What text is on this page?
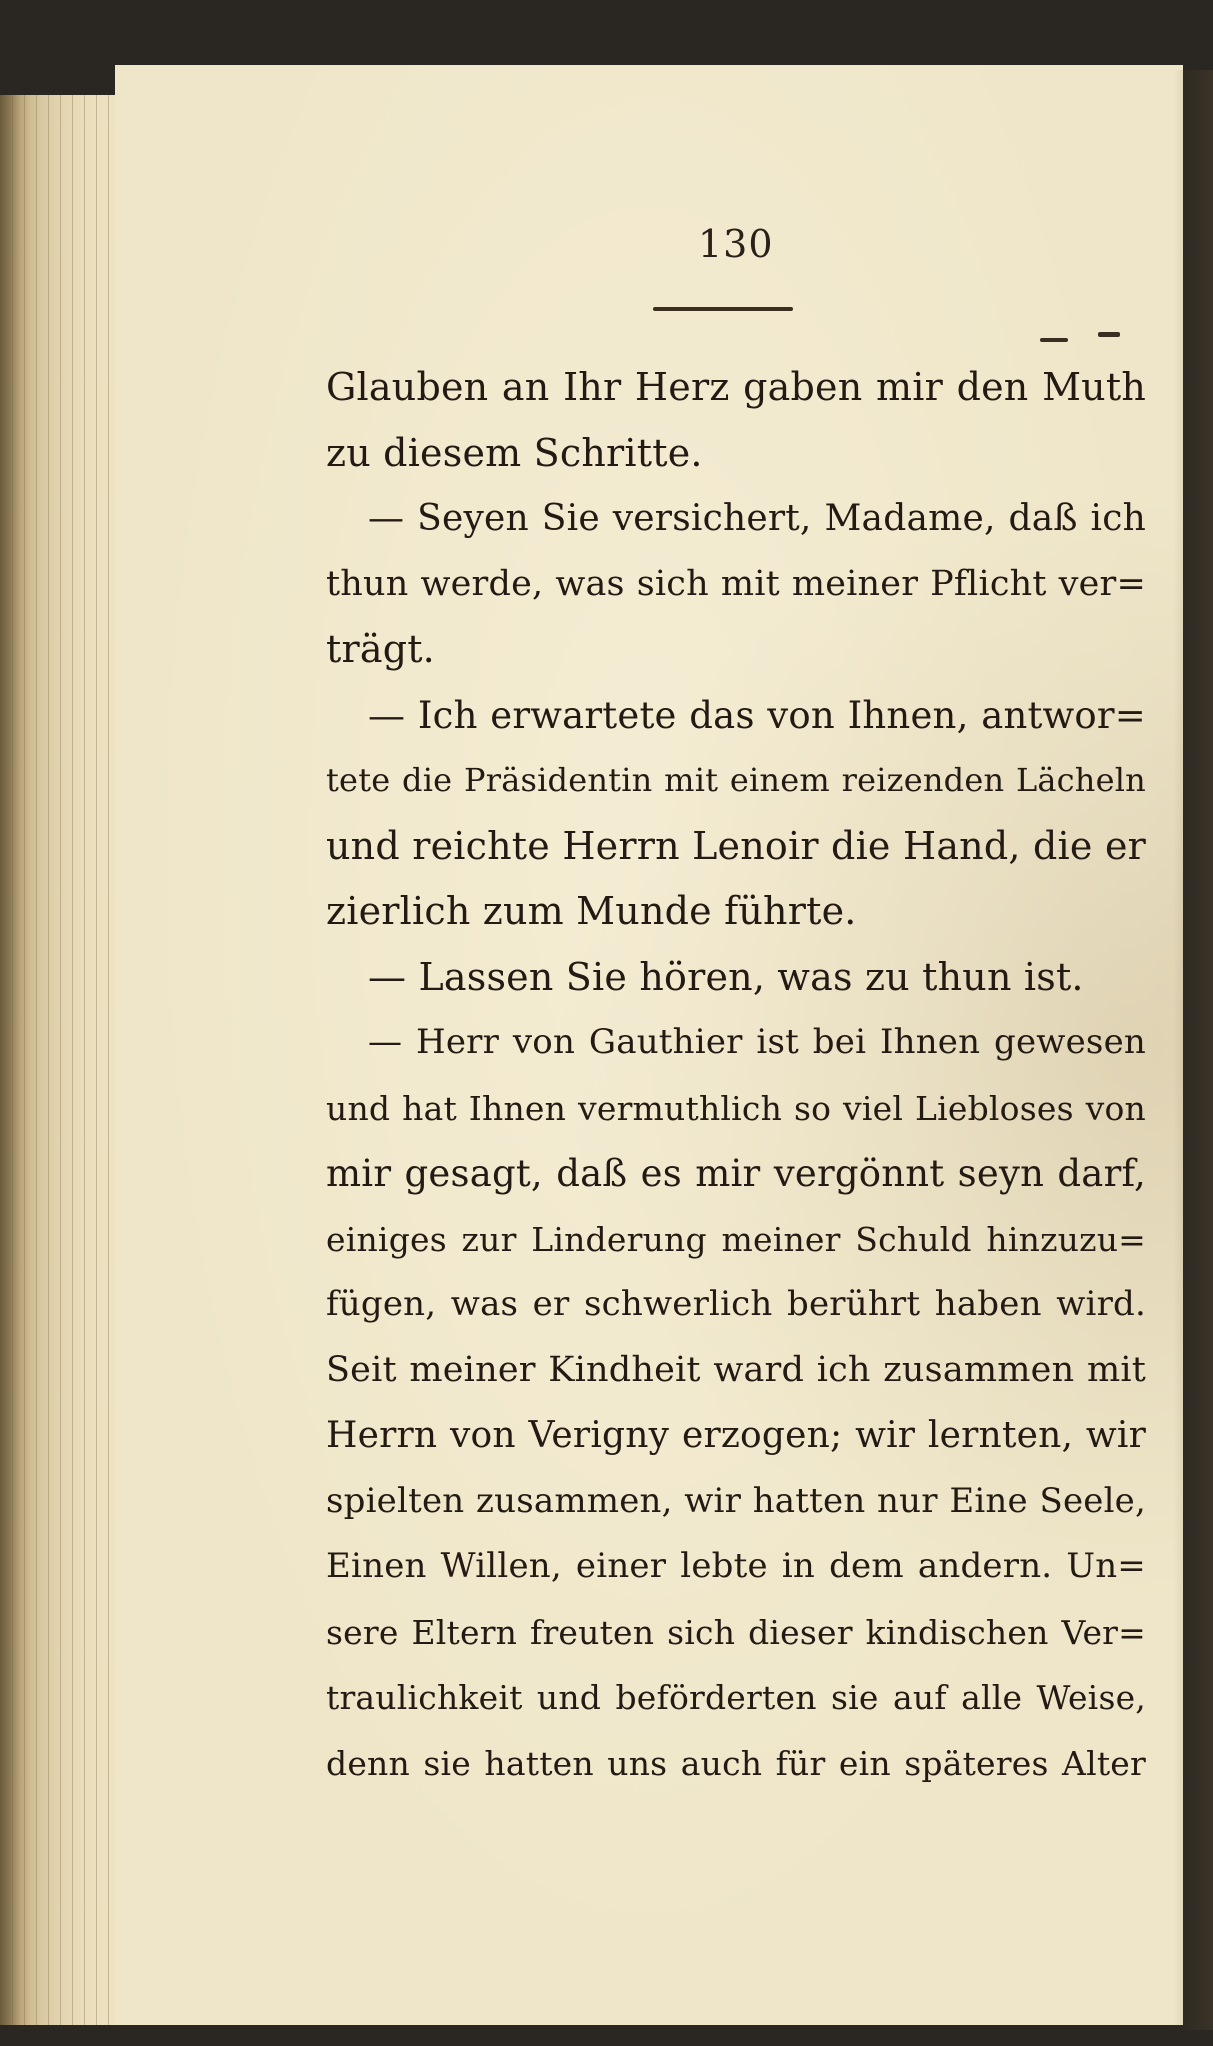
130
Glauben an Ihr Herz gaben mir den Muth
zu diesem Schritte.
— Seyen Sie versichert, Madame, daß ich
thun werde, was sich mit meiner Pflicht ver=
trägt.
— Ich erwartete das von Ihnen, antwor=
tete die Präsidentin mit einem reizenden Lächeln
und reichte Herrn Lenoir die Hand, die er
zierlich zum Munde führte.
— Lassen Sie hören, was zu thun ist.
— Herr von Gauthier ist bei Ihnen gewesen
und hat Ihnen vermuthlich so viel Liebloses von
mir gesagt, daß es mir vergönnt seyn darf,
einiges zur Linderung meiner Schuld hinzuzu=
fügen, was er schwerlich berührt haben wird.
Seit meiner Kindheit ward ich zusammen mit
Herrn von Verigny erzogen; wir lernten, wir
spielten zusammen, wir hatten nur Eine Seele,
Einen Willen, einer lebte in dem andern. Un=
sere Eltern freuten sich dieser kindischen Ver=
traulichkeit und beförderten sie auf alle Weise,
denn sie hatten uns auch für ein späteres Alter
